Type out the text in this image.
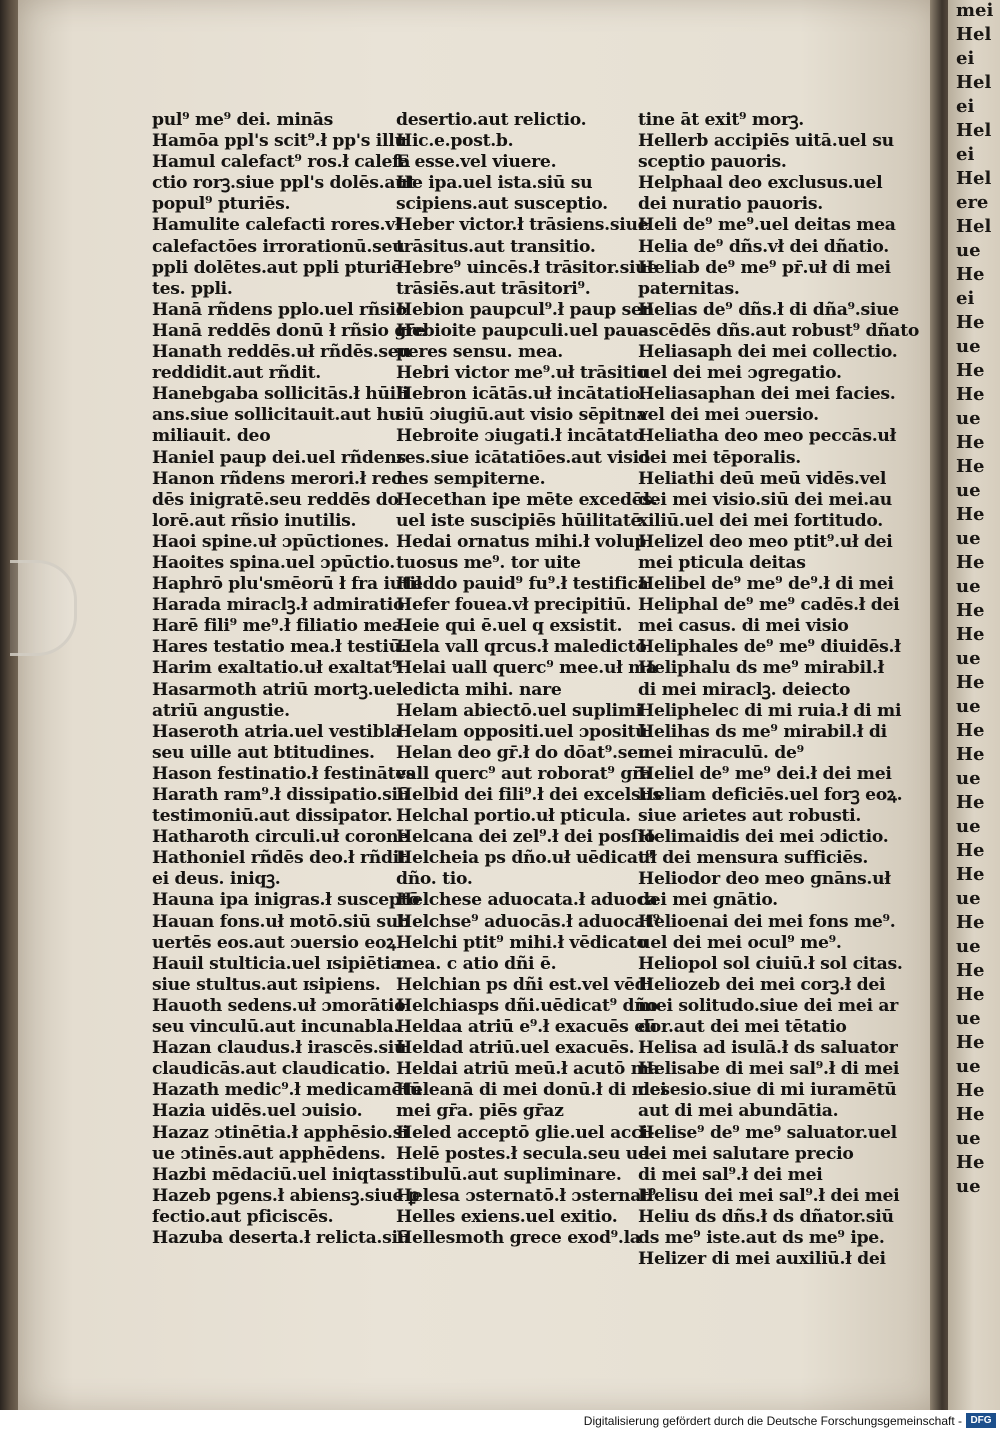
mei
Hel
ei
Hel
ei
Hel
ei
Hel
ere
Hel
ue
He
ei
He
ue
He
He
ue
He
He
ue
He
ue
He
ue
He
He
ue
He
ue
He
He
ue
He
ue
He
He
ue
He
ue
He
He
ue
He
ue
He
He
ue
He
ue
pul⁹ me⁹ dei. minās
Hamōa ppl's scit⁹.ł pp's illu
Hamul calefact⁹ ros.ł calefa
ctio rorꝫ.siue ppl's dolēs.aut
popul⁹ pturiēs.
Hamulite calefacti rores.vł
calefactōes irrorationū.seu
ppli dolētes.aut ppli pturiē
tes. ppli.
Hanā rñdens pplo.uel rñsio
Hanā reddēs donū ł rñsio gr̄e
Hanath reddēs.uł rñdēs.seu
reddidit.aut rñdit.
Hanebgaba sollicitās.ł hūili
ans.siue sollicitauit.aut hu
miliauit. deo
Haniel paup dei.uel rñdens
Hanon rñdens merori.ł red
dēs inigratē.seu reddēs do
lorē.aut rñsio inutilis.
Haoi spine.uł ɔpūctiones.
Haoites spina.uel ɔpūctio.
Haphrō plu'smēorū ł fra iutil
Harada miraclꝫ.ł admiratio
Harē fili⁹ me⁹.ł filiatio mea.
Hares testatio mea.ł testiū.
Harim exaltatio.uł exaltat⁹
Hasarmoth atriū mortꝫ.uel
atriū angustie.
Haseroth atria.uel vestibla
seu uille aut btitudines.
Hason festinatio.ł festinātes
Harath ram⁹.ł dissipatio.siū
testimoniū.aut dissipator.
Hatharoth circuli.uł corone
Hathoniel rñdēs deo.ł rñdit
ei deus. iniqꝫ.
Hauna ipa inigras.ł susceptō
Hauan fons.uł motō.siū sub
uertēs eos.aut ɔuersio eoꝝ
Hauil stulticia.uel ɪsipiētia.
siue stultus.aut ɪsipiens.
Hauoth sedens.uł ɔmorātio
seu vinculū.aut incunabla.
Hazan claudus.ł irascēs.siū
claudicās.aut claudicatio.
Hazath medic⁹.ł medicamētū
Hazia uidēs.uel ɔuisio.
Hazaz ɔtinētia.ł apphēsio.si
ue ɔtinēs.aut apphēdens.
Hazbi mēdaciū.uel iniqtas.
Hazeb pgens.ł abiensꝫ.siue ꝑ
fectio.aut pficiscēs.
Hazuba deserta.ł relicta.siū
desertio.aut relictio.
Hic.e.post.b.
E esse.vel viuere.
He ipa.uel ista.siū su
scipiens.aut susceptio.
Heber victor.ł trāsiens.siue
trāsitus.aut transitio.
Hebre⁹ uincēs.ł trāsitor.siue
trāsiēs.aut trāsitori⁹.
Hebion paupcul⁹.ł paup sen
Hebioite paupculi.uel pau-
peres sensu. mea.
Hebri victor me⁹.uł trāsitio
Hebron icātās.uł incātatio.
siū ɔiugiū.aut visio sēpitna
Hebroite ɔiugati.ł incātato
res.siue icātatiōes.aut visio
nes sempiterne.
Hecethan ipe mēte excedēs.
uel iste suscipiēs hūilitatē.
Hedai ornatus mihi.ł volup
tuosus me⁹. tor uite
Heddo pauid⁹ fu⁹.ł testifica
Hefer fouea.vł precipitiū.
Heie qui ē.uel q exsistit.
Hela vall qrcus.ł maledictō
Helai uall querc⁹ mee.uł ma
ledicta mihi. nare
Helam abiectō.uel suplimi
Helam oppositi.uel ɔpositū.
Helan deo gr̄.ł do dōat⁹.seu
vall querc⁹ aut roborat⁹ gr̄a
Helbid dei fili⁹.ł dei excelsus
Helchal portio.uł pticula.
Helcana dei zel⁹.ł dei posſio
Helcheia ps dño.uł uēdicat⁹
dño. tio.
Helchese aduocata.ł aduoca
Helchse⁹ aduocās.ł aduocat⁹
Helchi ptit⁹ mihi.ł vēdicato
mea. c atio dñi ē.
Helchian ps dñi est.vel vēdi
Helchiasps dñi.uēdicat⁹ dño
Heldaa atriū e⁹.ł exacuēs eū
Heldad atriū.uel exacuēs.
Heldai atriū meū.ł acutō ma
Heleanā di mei donū.ł di mei
mei gr̄a. piēs gr̄az
Heled acceptō glie.uel acci-
Helē postes.ł secula.seu ue-
stibulū.aut supliminare.
Helesa ɔsternatō.ł ɔsternat⁹
Helles exiens.uel exitio.
Hellesmoth grece exod⁹.la
tine āt exit⁹ morꝫ.
Hellerb accipiēs uitā.uel su
sceptio pauoris.
Helphaal deo exclusus.uel
dei nuratio pauoris.
Heli de⁹ me⁹.uel deitas mea
Helia de⁹ dñs.vł dei dñatio.
Heliab de⁹ me⁹ pr̄.uł di mei
paternitas.
Helias de⁹ dñs.ł di dña⁹.siue
ascēdēs dñs.aut robust⁹ dñato
Heliasaph dei mei collectio.
uel dei mei ɔgregatio.
Heliasaphan dei mei facies.
vel dei mei ɔuersio.
Heliatha deo meo peccās.uł
dei mei tēporalis.
Heliathi deū meū vidēs.vel
dei mei visio.siū dei mei.au
xiliū.uel dei mei fortitudo.
Helizel deo meo ptit⁹.uł dei
mei pticula deitas
Helibel de⁹ me⁹ de⁹.ł di mei
Heliphal de⁹ me⁹ cadēs.ł dei
mei casus. di mei visio
Heliphales de⁹ me⁹ diuidēs.ł
Heliphalu ds me⁹ mirabil.ł
di mei miraclꝫ. deiecto
Heliphelec di mi ruia.ł di mi
Helihas ds me⁹ mirabil.ł di
mei miraculū. de⁹
Heliel de⁹ me⁹ dei.ł dei mei
Heliam deficiēs.uel forꝫ eoꝝ.
siue arietes aut robusti.
Helimaidis dei mei ɔdictio.
uł dei mensura sufficiēs.
Heliodor deo meo gnāns.uł
dei mei gnātio.
Helioenai dei mei fons me⁹.
uel dei mei ocul⁹ me⁹.
Heliopol sol ciuiū.ł sol citas.
Heliozeb dei mei corꝫ.ł dei
mei solitudo.siue dei mei ar
dor.aut dei mei tētatio
Helisa ad isulā.ł ds saluator
Helisabe di mei sal⁹.ł di mei
desesio.siue di mi iuramētū
aut di mei abundātia.
Helise⁹ de⁹ me⁹ saluator.uel
dei mei salutare precio
di mei sal⁹.ł dei mei
Helisu dei mei sal⁹.ł dei mei
Heliu ds dñs.ł ds dñator.siū
ds me⁹ iste.aut ds me⁹ ipe.
Helizer di mei auxiliū.ł dei
Digitalisierung gefördert durch die Deutsche Forschungsgemeinschaft - DFG
